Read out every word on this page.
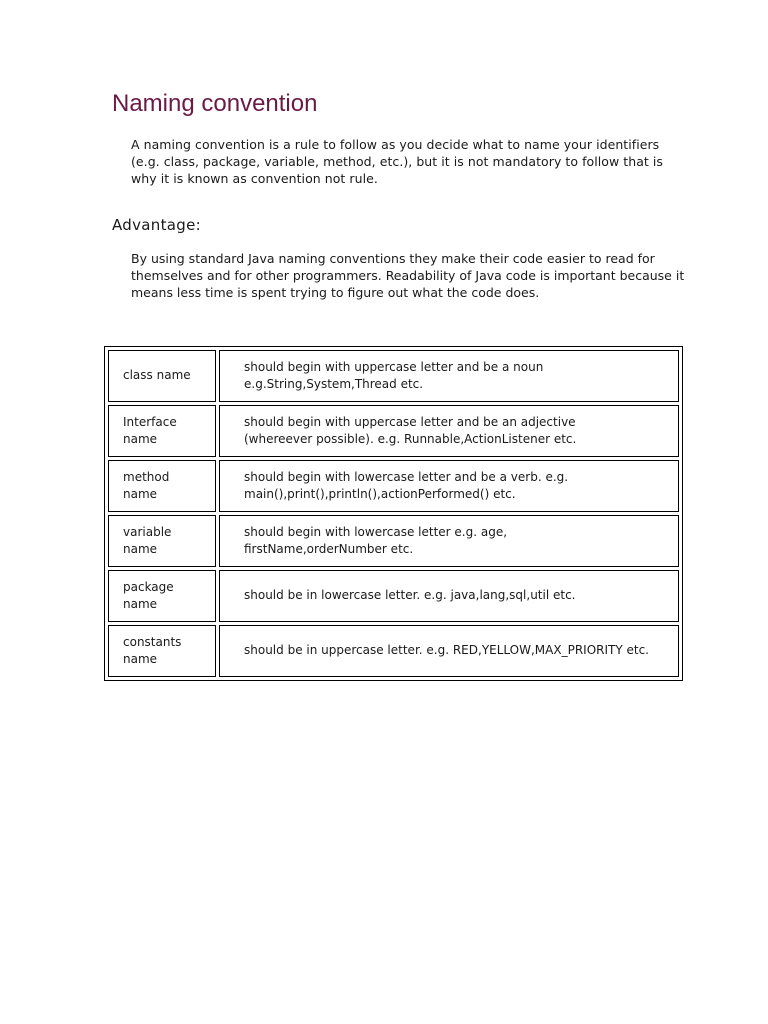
Naming convention

A naming convention is a rule to follow as you decide what to name your identifiers (e.g. class, package, variable, method, etc.), but it is not mandatory to follow that is why it is known as convention not rule.

Advantage:

By using standard Java naming conventions they make their code easier to read for themselves and for other programmers. Readability of Java code is important because it means less time is spent trying to figure out what the code does.

class name	should begin with uppercase letter and be a noun e.g.String,System,Thread etc.

Interface name	should begin with uppercase letter and be an adjective (whereever possible). e.g. Runnable,ActionListener etc.

method name	should begin with lowercase letter and be a verb. e.g. main(),print(),println(),actionPerformed() etc.

variable name	should begin with lowercase letter e.g. age, firstName,orderNumber etc.

package name	should be in lowercase letter. e.g. java,lang,sql,util etc.

constants name	should be in uppercase letter. e.g. RED,YELLOW,MAX_PRIORITY etc.
